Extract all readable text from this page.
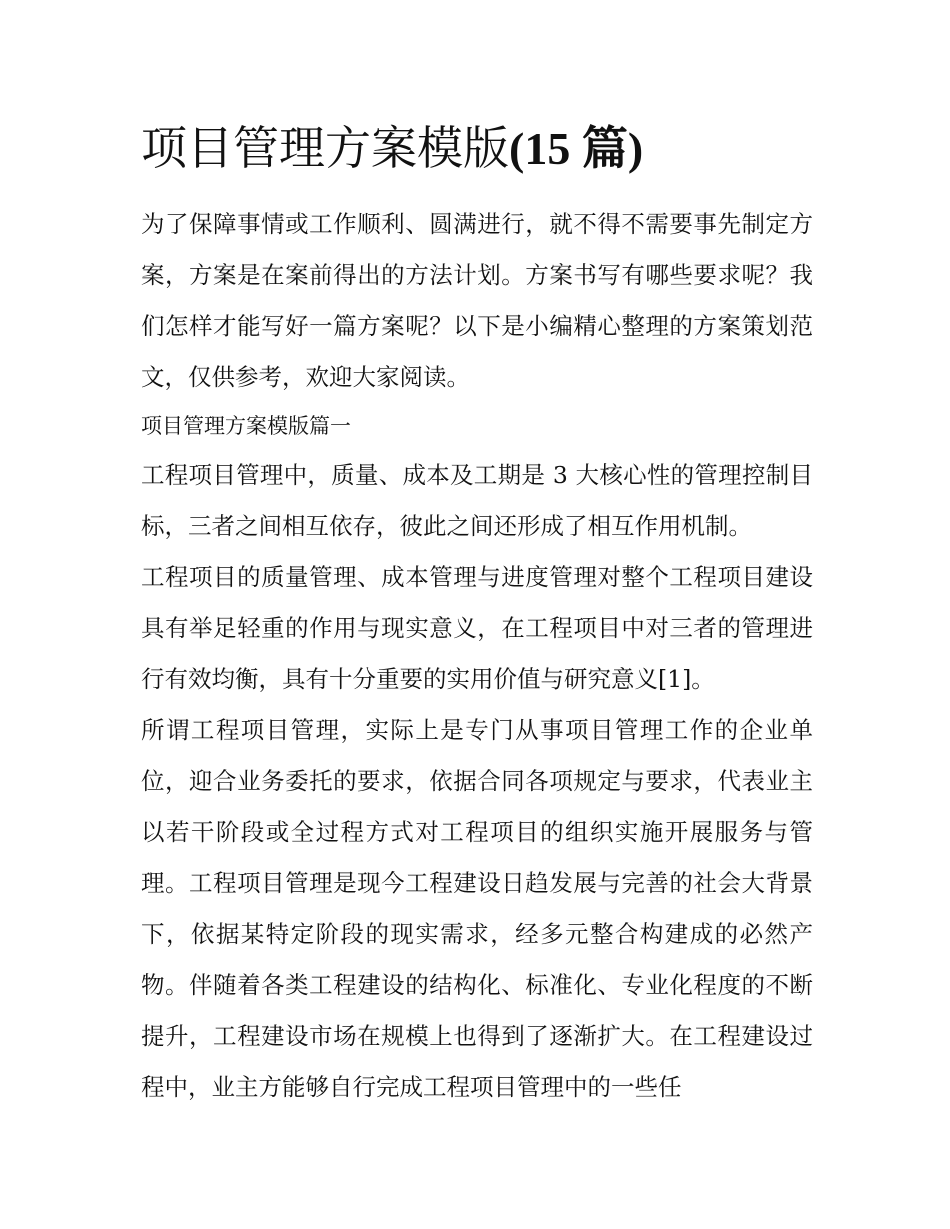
项目管理方案模版(15 篇)

为了保障事情或工作顺利、圆满进行，就不得不需要事先制定方案，方案是在案前得出的方法计划。方案书写有哪些要求呢？我们怎样才能写好一篇方案呢？以下是小编精心整理的方案策划范文，仅供参考，欢迎大家阅读。

项目管理方案模版篇一

工程项目管理中，质量、成本及工期是 3 大核心性的管理控制目标，三者之间相互依存，彼此之间还形成了相互作用机制。

工程项目的质量管理、成本管理与进度管理对整个工程项目建设具有举足轻重的作用与现实意义，在工程项目中对三者的管理进行有效均衡，具有十分重要的实用价值与研究意义[1]。

所谓工程项目管理，实际上是专门从事项目管理工作的企业单位，迎合业务委托的要求，依据合同各项规定与要求，代表业主以若干阶段或全过程方式对工程项目的组织实施开展服务与管理。工程项目管理是现今工程建设日趋发展与完善的社会大背景下，依据某特定阶段的现实需求，经多元整合构建成的必然产物。伴随着各类工程建设的结构化、标准化、专业化程度的不断提升，工程建设市场在规模上也得到了逐渐扩大。在工程建设过程中，业主方能够自行完成工程项目管理中的一些任
